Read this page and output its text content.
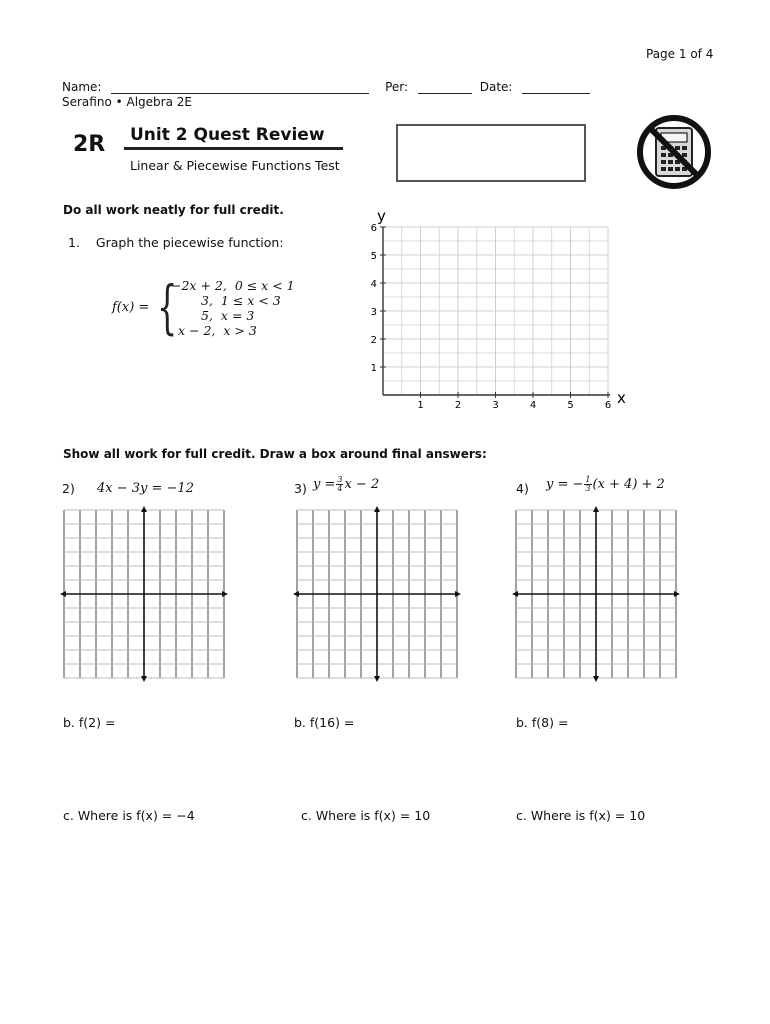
Page 1 of 4
Name:	Per:	Date:
Serafino • Algebra 2E
2R Unit 2 Quest Review
Linear & Piecewise Functions Test
Do all work neatly for full credit.
1. Graph the piecewise function:
f(x) = {
−2x + 2, 0 ≤ x < 1
3, 1 ≤ x < 3
5, x = 3
x − 2, x > 3
1	2	3	4	5	6
1
2
3
4
5
6
y
x
Show all work for full credit. Draw a box around final answers:
2) 4x − 3y = −12	3) $y = \frac{3}{4}$ x − 2	4) y = − $\frac{1}{3} (x + 4) + 2$
b. f(2) =	b. f(16) =	b. f(8) =
c. Where is f(x) = −4	c. Where is f(x) = 10	c. Where is f(x) = 10
